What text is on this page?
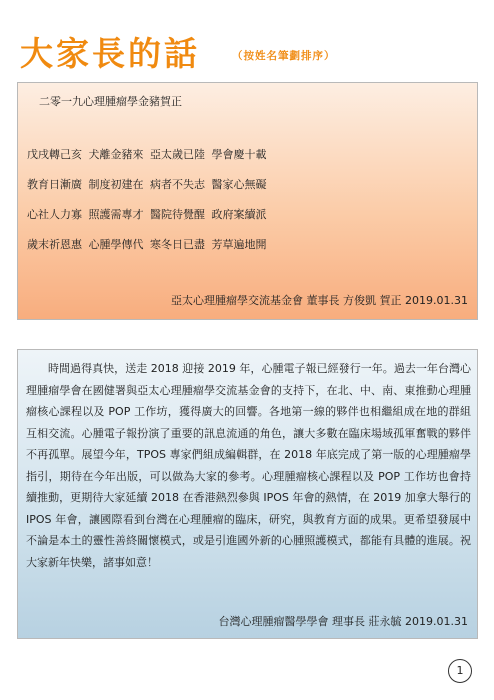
大家長的話	（按姓名筆劃排序）
二零一九心理腫瘤學金豬賀正
戊戌轉己亥 犬離金豬來 亞太歲已陸 學會慶十載
教育日漸廣 制度初建在 病者不失志 醫家心無礙
心社人力寡 照護需專才 醫院待覺醒 政府案續派
歲末祈恩惠 心腫學傳代 寒冬日已盡 芳草遍地開
亞太心理腫瘤學交流基金會 董事長 方俊凱 賀正 2019.01.31
時間過得真快，送走 2018 迎接 2019 年，心腫電子報已經發行一年。過去一年台灣心理腫瘤學會在國健署與亞太心理腫瘤學交流基金會的支持下，在北、中、南、東推動心理腫瘤核心課程以及 POP 工作坊，獲得廣大的回響。各地第一線的夥伴也相繼組成在地的群組互相交流。心腫電子報扮演了重要的訊息流通的角色，讓大多數在臨床場域孤軍奮戰的夥伴不再孤單。展望今年，TPOS 專家們組成編輯群，在 2018 年底完成了第一版的心理腫瘤學指引，期待在今年出版，可以做為大家的參考。心理腫瘤核心課程以及 POP 工作坊也會持續推動，更期待大家延續 2018 在香港熱烈參與 IPOS 年會的熱情，在 2019 加拿大舉行的 IPOS 年會，讓國際看到台灣在心理腫瘤的臨床，研究，與教育方面的成果。更希望發展中不論是本土的靈性善終關懷模式，或是引進國外新的心腫照護模式，都能有具體的進展。祝大家新年快樂，諸事如意！
台灣心理腫瘤醫學學會 理事長 莊永毓 2019.01.31
1
